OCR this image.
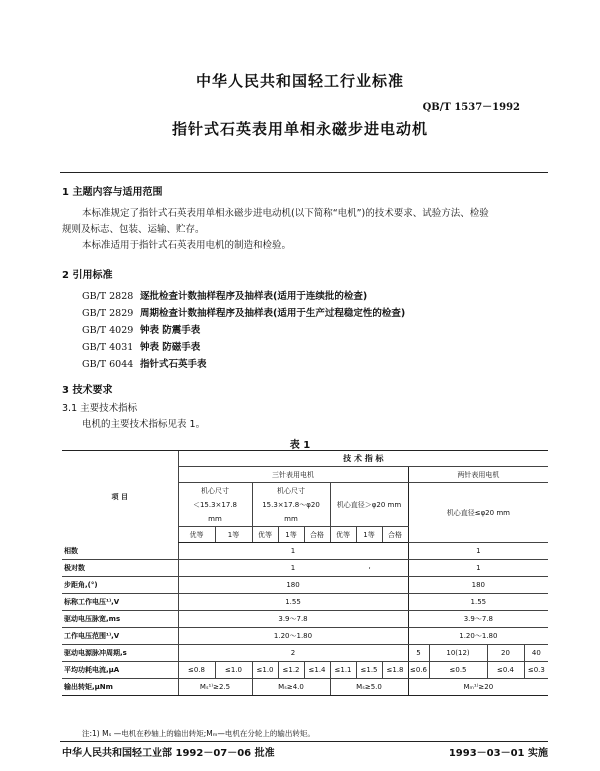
中华人民共和国轻工行业标准
QB/T 1537－1992
指针式石英表用单相永磁步进电动机
1 主题内容与适用范围
本标准规定了指针式石英表用单相永磁步进电动机(以下简称“电机”)的技术要求、试验方法、检验
规则及标志、包装、运输、贮存。
本标准适用于指针式石英表用电机的制造和检验。
2 引用标准
GB/T 2828 逐批检查计数抽样程序及抽样表(适用于连续批的检查)
GB/T 2829 周期检查计数抽样程序及抽样表(适用于生产过程稳定性的检查)
GB/T 4029 钟表 防震手表
GB/T 4031 钟表 防磁手表
GB/T 6044 指针式石英手表
3 技术要求
3.1 主要技术指标
电机的主要技术指标见表 1。
表 1
项 目	技 术 指 标											
	三针表用电机								两针表用电机			
	机心尺寸
＜15.3×17.8
mm		机心尺寸
15.3×17.8～φ20
mm			机心直径＞φ20 mm			机心直径≤φ20 mm			
	优等	1等	优等	1等	合格	优等	1等	合格				
相数	1								1			
极对数	1 ,								1			
步距角,(°)	180								180			
标称工作电压¹⁾,V	1.55								1.55			
驱动电压脉宽,ms	3.9～7.8								3.9～7.8			
工作电压范围¹⁾,V	1.20～1.80								1.20～1.80			
驱动电源脉冲周期,s	2								5	10(12)	20	40
平均功耗电流,μA	≤0.8	≤1.0	≤1.0	≤1.2	≤1.4	≤1.1	≤1.5	≤1.8	≤0.6	≤0.5	≤0.4	≤0.3
输出转矩,μNm	Mₛ¹⁾≥2.5		Mₛ≥4.0			Mₛ≥5.0			Mₘ¹⁾≥20			
注:1) Mₛ —电机在秒轴上的输出转矩;Mₘ—电机在分轮上的输出转矩。
中华人民共和国轻工业部 1992－07－06 批准	1993－03－01 实施
